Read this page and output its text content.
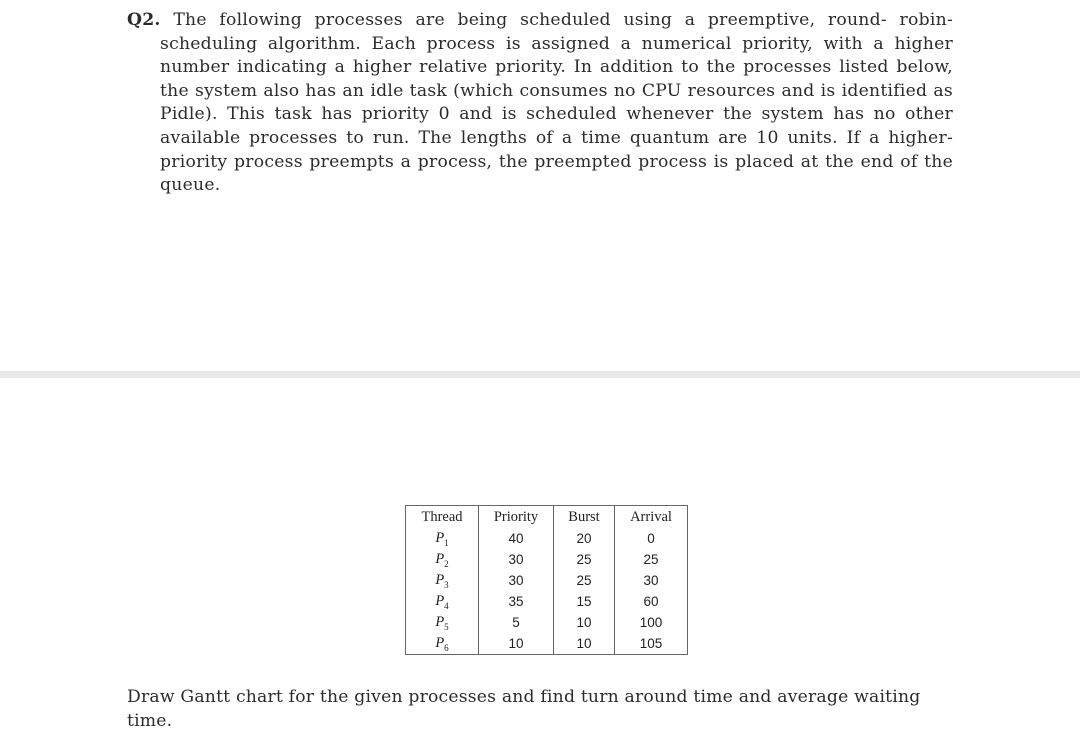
Q2. The following processes are being scheduled using a preemptive, round- robin-
scheduling algorithm. Each process is assigned a numerical priority, with a higher
number indicating a higher relative priority. In addition to the processes listed below,
the system also has an idle task (which consumes no CPU resources and is identified as
Pidle). This task has priority 0 and is scheduled whenever the system has no other
available processes to run. The lengths of a time quantum are 10 units. If a higher-
priority process preempts a process, the preempted process is placed at the end of the
queue.
Thread	Priority	Burst	Arrival
$P_1$	40	20	0
$P_2$	30	25	25
$P_3$	30	25	30
$P_4$	35	15	60
$P_5$	5	10	100
$P_6$	10	10	105
Draw Gantt chart for the given processes and find turn around time and average waiting time.
